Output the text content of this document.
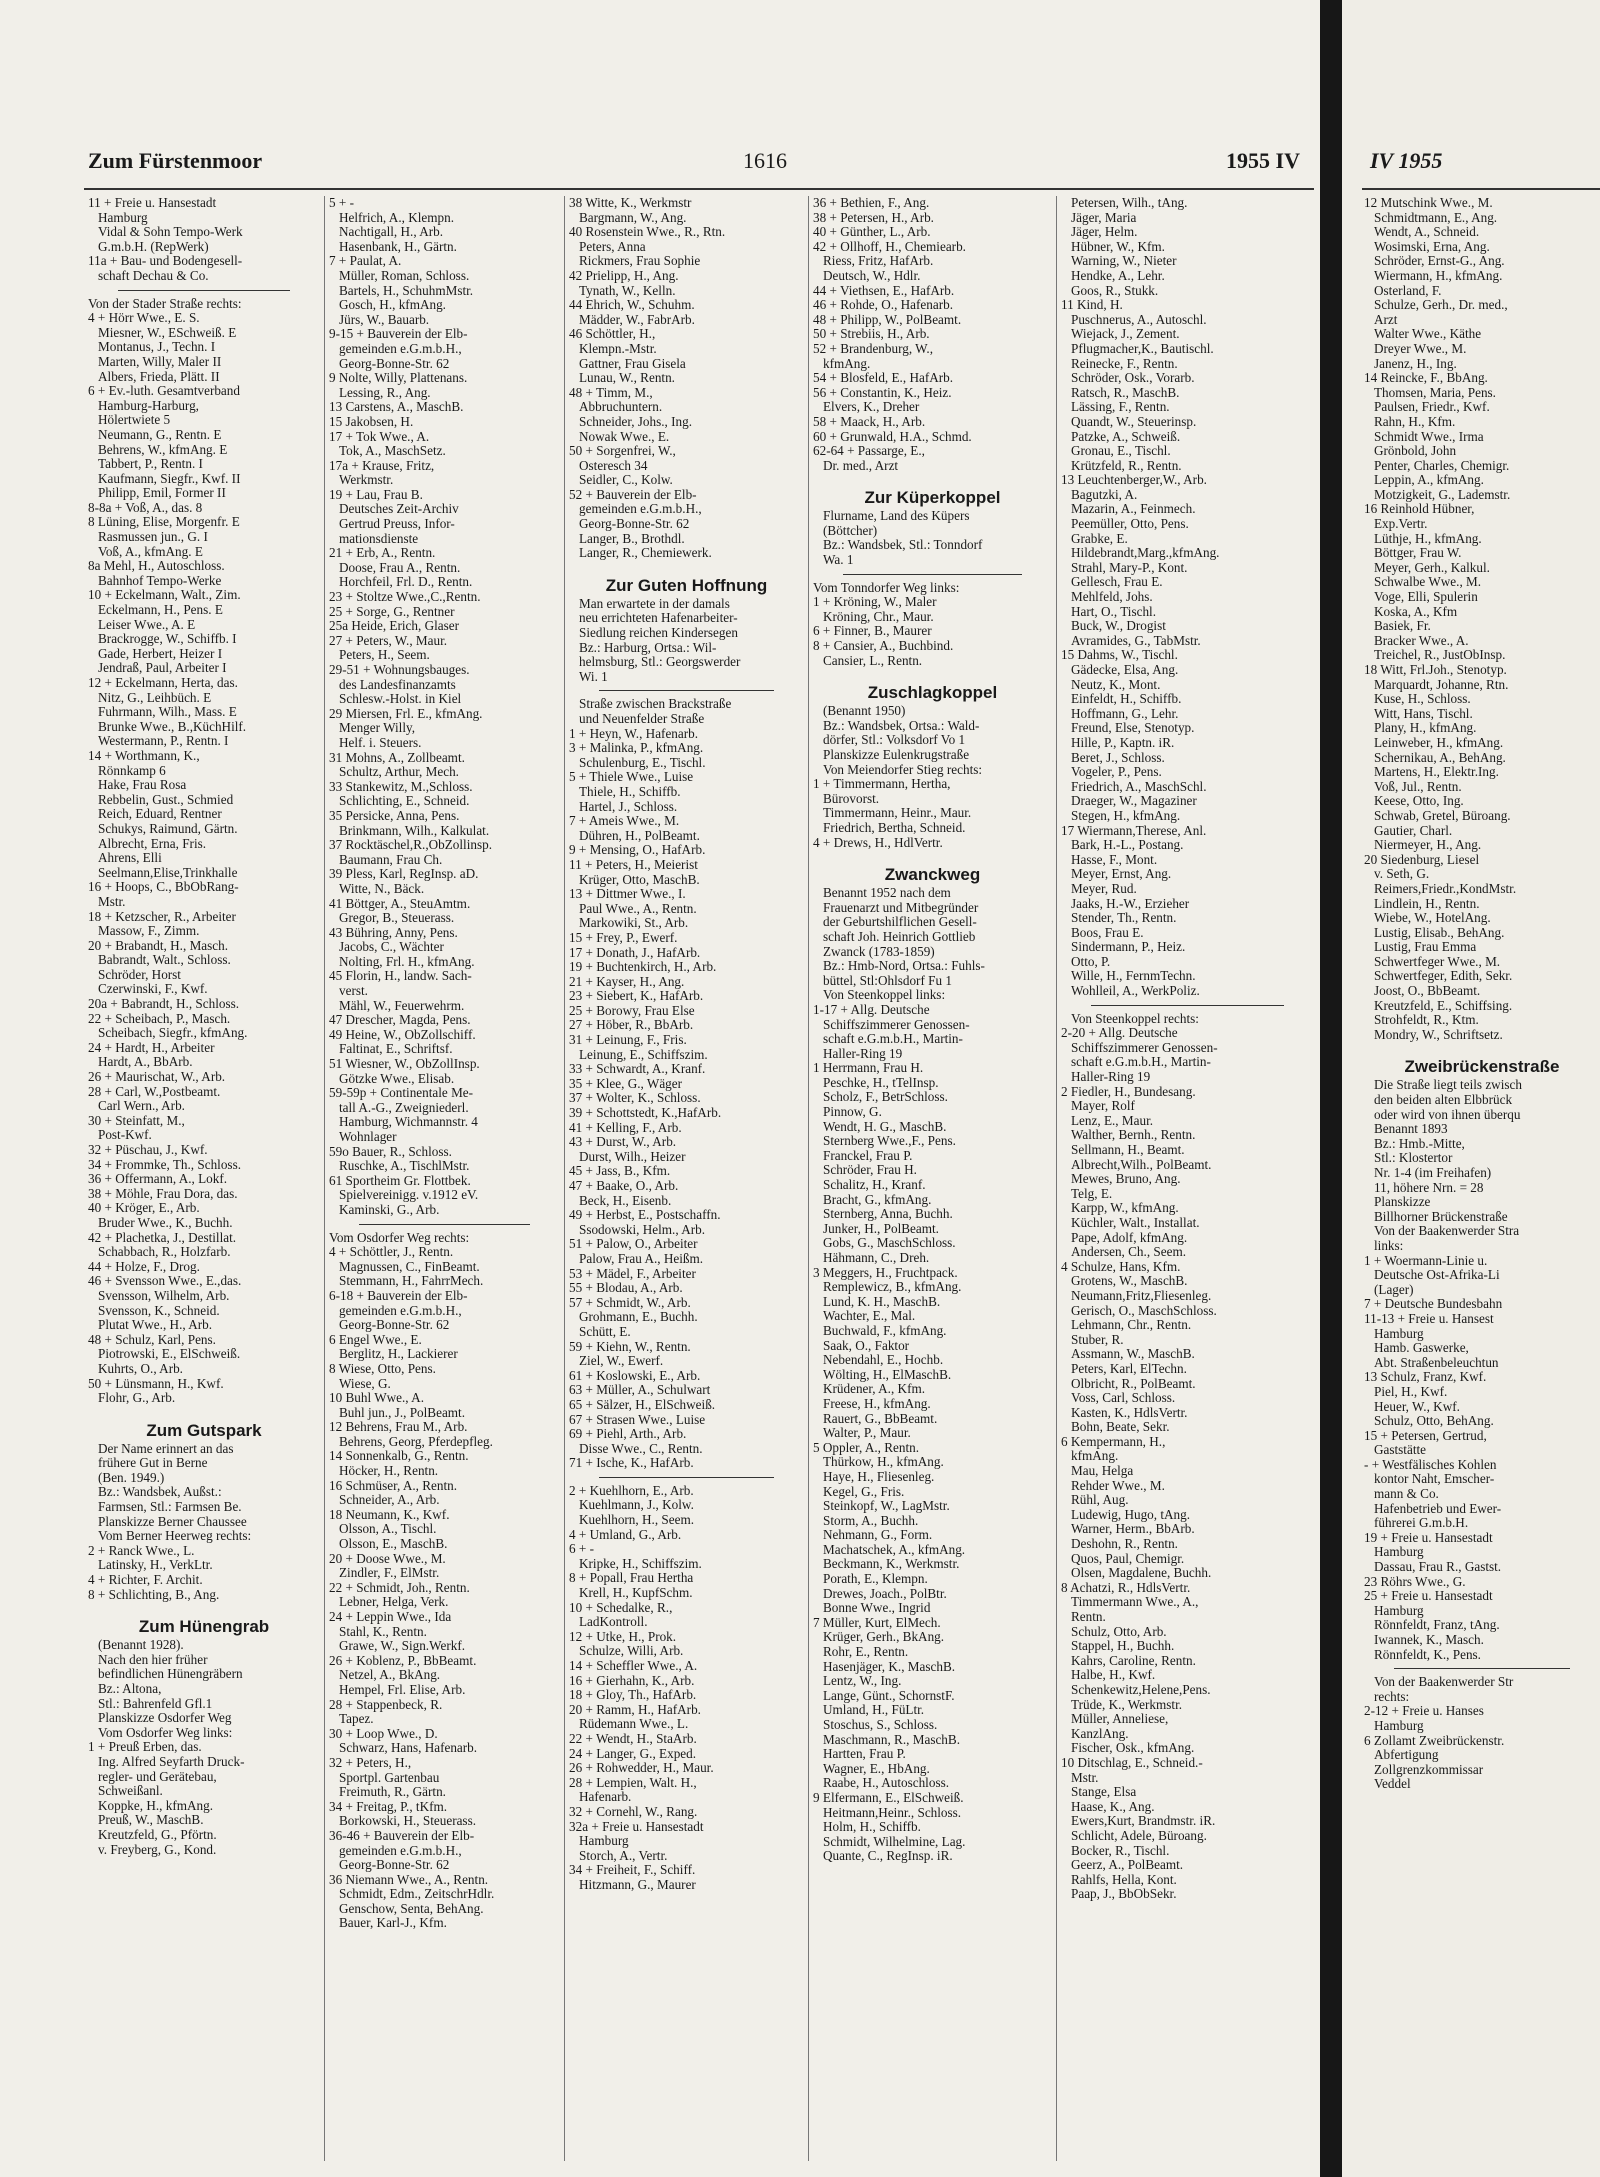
Zum Fürstenmoor	1616	1955 IV
11 + Freie u. Hansestadt
Hamburg
Vidal & Sohn Tempo-Werk
G.m.b.H. (RepWerk)
11a + Bau- und Bodengesell-
schaft Dechau & Co.
Von der Stader Straße rechts:
4 + Hörr Wwe., E. S.
Miesner, W., ESchweiß. E
Montanus, J., Techn. I
Marten, Willy, Maler II
Albers, Frieda, Plätt. II
6 + Ev.-luth. Gesamtverband
Hamburg-Harburg,
Hölertwiete 5
Neumann, G., Rentn. E
Behrens, W., kfmAng. E
Tabbert, P., Rentn. I
Kaufmann, Siegfr., Kwf. II
Philipp, Emil, Former II
8-8a + Voß, A., das. 8
8 Lüning, Elise, Morgenfr. E
Rasmussen jun., G. I
Voß, A., kfmAng. E
8a Mehl, H., Autoschloss.
Bahnhof Tempo-Werke
10 + Eckelmann, Walt., Zim.
Eckelmann, H., Pens. E
Leiser Wwe., A. E
Brackrogge, W., Schiffb. I
Gade, Herbert, Heizer I
Jendraß, Paul, Arbeiter I
12 + Eckelmann, Herta, das.
Nitz, G., Leihbüch. E
Fuhrmann, Wilh., Mass. E
Brunke Wwe., B.,KüchHilf.
Westermann, P., Rentn. I
14 + Worthmann, K.,
Rönnkamp 6
Hake, Frau Rosa
Rebbelin, Gust., Schmied
Reich, Eduard, Rentner
Schukys, Raimund, Gärtn.
Albrecht, Erna, Fris.
Ahrens, Elli
Seelmann,Elise,Trinkhalle
16 + Hoops, C., BbObRang-
Mstr.
18 + Ketzscher, R., Arbeiter
Massow, F., Zimm.
20 + Brabandt, H., Masch.
Babrandt, Walt., Schloss.
Schröder, Horst
Czerwinski, F., Kwf.
20a + Babrandt, H., Schloss.
22 + Scheibach, P., Masch.
Scheibach, Siegfr., kfmAng.
24 + Hardt, H., Arbeiter
Hardt, A., BbArb.
26 + Maurischat, W., Arb.
28 + Carl, W.,Postbeamt.
Carl Wern., Arb.
30 + Steinfatt, M.,
Post-Kwf.
32 + Püschau, J., Kwf.
34 + Frommke, Th., Schloss.
36 + Offermann, A., Lokf.
38 + Möhle, Frau Dora, das.
40 + Kröger, E., Arb.
Bruder Wwe., K., Buchh.
42 + Plachetka, J., Destillat.
Schabbach, R., Holzfarb.
44 + Holze, F., Drog.
46 + Svensson Wwe., E.,das.
Svensson, Wilhelm, Arb.
Svensson, K., Schneid.
Plutat Wwe., H., Arb.
48 + Schulz, Karl, Pens.
Piotrowski, E., ElSchweiß.
Kuhrts, O., Arb.
50 + Lünsmann, H., Kwf.
Flohr, G., Arb.
Zum Gutspark
Der Name erinnert an das
frühere Gut in Berne
(Ben. 1949.)
Bz.: Wandsbek, Außst.:
Farmsen, Stl.: Farmsen Be.
Planskizze Berner Chaussee
Vom Berner Heerweg rechts:
2 + Ranck Wwe., L.
Latinsky, H., VerkLtr.
4 + Richter, F. Archit.
8 + Schlichting, B., Ang.
Zum Hünengrab
(Benannt 1928).
Nach den hier früher
befindlichen Hünengräbern
Bz.: Altona,
Stl.: Bahrenfeld Gfl.1
Planskizze Osdorfer Weg
Vom Osdorfer Weg links:
1 + Preuß Erben, das.
Ing. Alfred Seyfarth Druck-
regler- und Gerätebau,
Schweißanl.
Koppke, H., kfmAng.
Preuß, W., MaschB.
Kreutzfeld, G., Pförtn.
v. Freyberg, G., Kond.
5 + -
Helfrich, A., Klempn.
Nachtigall, H., Arb.
Hasenbank, H., Gärtn.
7 + Paulat, A.
Müller, Roman, Schloss.
Bartels, H., SchuhmMstr.
Gosch, H., kfmAng.
Jürs, W., Bauarb.
9-15 + Bauverein der Elb-
gemeinden e.G.m.b.H.,
Georg-Bonne-Str. 62
9 Nolte, Willy, Plattenans.
Lessing, R., Ang.
13 Carstens, A., MaschB.
15 Jakobsen, H.
17 + Tok Wwe., A.
Tok, A., MaschSetz.
17a + Krause, Fritz,
Werkmstr.
19 + Lau, Frau B.
Deutsches Zeit-Archiv
Gertrud Preuss, Infor-
mationsdienste
21 + Erb, A., Rentn.
Doose, Frau A., Rentn.
Horchfeil, Frl. D., Rentn.
23 + Stoltze Wwe.,C.,Rentn.
25 + Sorge, G., Rentner
25a Heide, Erich, Glaser
27 + Peters, W., Maur.
Peters, H., Seem.
29-51 + Wohnungsbauges.
des Landesfinanzamts
Schlesw.-Holst. in Kiel
29 Miersen, Frl. E., kfmAng.
Menger Willy,
Helf. i. Steuers.
31 Mohns, A., Zollbeamt.
Schultz, Arthur, Mech.
33 Stankewitz, M.,Schloss.
Schlichting, E., Schneid.
35 Persicke, Anna, Pens.
Brinkmann, Wilh., Kalkulat.
37 Rocktäschel,R.,ObZollinsp.
Baumann, Frau Ch.
39 Pless, Karl, RegInsp. aD.
Witte, N., Bäck.
41 Böttger, A., SteuAmtm.
Gregor, B., Steuerass.
43 Bühring, Anny, Pens.
Jacobs, C., Wächter
Nolting, Frl. H., kfmAng.
45 Florin, H., landw. Sach-
verst.
Mähl, W., Feuerwehrm.
47 Drescher, Magda, Pens.
49 Heine, W., ObZollschiff.
Faltinat, E., Schriftsf.
51 Wiesner, W., ObZollInsp.
Götzke Wwe., Elisab.
59-59p + Continentale Me-
tall A.-G., Zweigniederl.
Hamburg, Wichmannstr. 4
Wohnlager
59o Bauer, R., Schloss.
Ruschke, A., TischlMstr.
61 Sportheim Gr. Flottbek.
Spielvereinigg. v.1912 eV.
Kaminski, G., Arb.
Vom Osdorfer Weg rechts:
4 + Schöttler, J., Rentn.
Magnussen, C., FinBeamt.
Stemmann, H., FahrrMech.
6-18 + Bauverein der Elb-
gemeinden e.G.m.b.H.,
Georg-Bonne-Str. 62
6 Engel Wwe., E.
Berglitz, H., Lackierer
8 Wiese, Otto, Pens.
Wiese, G.
10 Buhl Wwe., A.
Buhl jun., J., PolBeamt.
12 Behrens, Frau M., Arb.
Behrens, Georg, Pferdepfleg.
14 Sonnenkalb, G., Rentn.
Höcker, H., Rentn.
16 Schmüser, A., Rentn.
Schneider, A., Arb.
18 Neumann, K., Kwf.
Olsson, A., Tischl.
Olsson, E., MaschB.
20 + Doose Wwe., M.
Zindler, F., ElMstr.
22 + Schmidt, Joh., Rentn.
Lebner, Helga, Verk.
24 + Leppin Wwe., Ida
Stahl, K., Rentn.
Grawe, W., Sign.Werkf.
26 + Koblenz, P., BbBeamt.
Netzel, A., BkAng.
Hempel, Frl. Elise, Arb.
28 + Stappenbeck, R.
Tapez.
30 + Loop Wwe., D.
Schwarz, Hans, Hafenarb.
32 + Peters, H.,
Sportpl. Gartenbau
Freimuth, R., Gärtn.
34 + Freitag, P., tKfm.
Borkowski, H., Steuerass.
36-46 + Bauverein der Elb-
gemeinden e.G.m.b.H.,
Georg-Bonne-Str. 62
36 Niemann Wwe., A., Rentn.
Schmidt, Edm., ZeitschrHdlr.
Genschow, Senta, BehAng.
Bauer, Karl-J., Kfm.
38 Witte, K., Werkmstr
Bargmann, W., Ang.
40 Rosenstein Wwe., R., Rtn.
Peters, Anna
Rickmers, Frau Sophie
42 Prielipp, H., Ang.
Tynath, W., Kelln.
44 Ehrich, W., Schuhm.
Mädder, W., FabrArb.
46 Schöttler, H.,
Klempn.-Mstr.
Gattner, Frau Gisela
Lunau, W., Rentn.
48 + Timm, M.,
Abbruchuntern.
Schneider, Johs., Ing.
Nowak Wwe., E.
50 + Sorgenfrei, W.,
Osteresch 34
Seidler, C., Kolw.
52 + Bauverein der Elb-
gemeinden e.G.m.b.H.,
Georg-Bonne-Str. 62
Langer, B., Brothdl.
Langer, R., Chemiewerk.
Zur Guten Hoffnung
Man erwartete in der damals
neu errichteten Hafenarbeiter-
Siedlung reichen Kindersegen
Bz.: Harburg, Ortsa.: Wil-
helmsburg, Stl.: Georgswerder
Wi. 1
Straße zwischen Brackstraße
und Neuenfelder Straße
1 + Heyn, W., Hafenarb.
3 + Malinka, P., kfmAng.
Schulenburg, E., Tischl.
5 + Thiele Wwe., Luise
Thiele, H., Schiffb.
Hartel, J., Schloss.
7 + Ameis Wwe., M.
Dühren, H., PolBeamt.
9 + Mensing, O., HafArb.
11 + Peters, H., Meierist
Krüger, Otto, MaschB.
13 + Dittmer Wwe., I.
Paul Wwe., A., Rentn.
Markowiki, St., Arb.
15 + Frey, P., Ewerf.
17 + Donath, J., HafArb.
19 + Buchtenkirch, H., Arb.
21 + Kayser, H., Ang.
23 + Siebert, K., HafArb.
25 + Borowy, Frau Else
27 + Höber, R., BbArb.
31 + Leinung, F., Fris.
Leinung, E., Schiffszim.
33 + Schwardt, A., Kranf.
35 + Klee, G., Wäger
37 + Wolter, K., Schloss.
39 + Schottstedt, K.,HafArb.
41 + Kelling, F., Arb.
43 + Durst, W., Arb.
Durst, Wilh., Heizer
45 + Jass, B., Kfm.
47 + Baake, O., Arb.
Beck, H., Eisenb.
49 + Herbst, E., Postschaffn.
Ssodowski, Helm., Arb.
51 + Palow, O., Arbeiter
Palow, Frau A., Heißm.
53 + Mädel, F., Arbeiter
55 + Blodau, A., Arb.
57 + Schmidt, W., Arb.
Grohmann, E., Buchh.
Schütt, E.
59 + Kiehn, W., Rentn.
Ziel, W., Ewerf.
61 + Koslowski, E., Arb.
63 + Müller, A., Schulwart
65 + Sälzer, H., ElSchweiß.
67 + Strasen Wwe., Luise
69 + Piehl, Arth., Arb.
Disse Wwe., C., Rentn.
71 + Ische, K., HafArb.
2 + Kuehlhorn, E., Arb.
Kuehlmann, J., Kolw.
Kuehlhorn, H., Seem.
4 + Umland, G., Arb.
6 + -
Kripke, H., Schiffszim.
8 + Popall, Frau Hertha
Krell, H., KupfSchm.
10 + Schedalke, R.,
LadKontroll.
12 + Utke, H., Prok.
Schulze, Willi, Arb.
14 + Scheffler Wwe., A.
16 + Gierhahn, K., Arb.
18 + Gloy, Th., HafArb.
20 + Ramm, H., HafArb.
Rüdemann Wwe., L.
22 + Wendt, H., StaArb.
24 + Langer, G., Exped.
26 + Rohwedder, H., Maur.
28 + Lempien, Walt. H.,
Hafenarb.
32 + Cornehl, W., Rang.
32a + Freie u. Hansestadt
Hamburg
Storch, A., Vertr.
34 + Freiheit, F., Schiff.
Hitzmann, G., Maurer
36 + Bethien, F., Ang.
38 + Petersen, H., Arb.
40 + Günther, L., Arb.
42 + Ollhoff, H., Chemiearb.
Riess, Fritz, HafArb.
Deutsch, W., Hdlr.
44 + Viethsen, E., HafArb.
46 + Rohde, O., Hafenarb.
48 + Philipp, W., PolBeamt.
50 + Strebiis, H., Arb.
52 + Brandenburg, W.,
kfmAng.
54 + Blosfeld, E., HafArb.
56 + Constantin, K., Heiz.
Elvers, K., Dreher
58 + Maack, H., Arb.
60 + Grunwald, H.A., Schmd.
62-64 + Passarge, E.,
Dr. med., Arzt
Zur Küperkoppel
Flurname, Land des Küpers
(Böttcher)
Bz.: Wandsbek, Stl.: Tonndorf
Wa. 1
Vom Tonndorfer Weg links:
1 + Kröning, W., Maler
Kröning, Chr., Maur.
6 + Finner, B., Maurer
8 + Cansier, A., Buchbind.
Cansier, L., Rentn.
Zuschlagkoppel
(Benannt 1950)
Bz.: Wandsbek, Ortsa.: Wald-
dörfer, Stl.: Volksdorf Vo 1
Planskizze Eulenkrugstraße
Von Meiendorfer Stieg rechts:
1 + Timmermann, Hertha,
Bürovorst.
Timmermann, Heinr., Maur.
Friedrich, Bertha, Schneid.
4 + Drews, H., HdlVertr.
Zwanckweg
Benannt 1952 nach dem
Frauenarzt und Mitbegründer
der Geburtshilflichen Gesell-
schaft Joh. Heinrich Gottlieb
Zwanck (1783-1859)
Bz.: Hmb-Nord, Ortsa.: Fuhls-
büttel, Stl:Ohlsdorf Fu 1
Von Steenkoppel links:
1-17 + Allg. Deutsche
Schiffszimmerer Genossen-
schaft e.G.m.b.H., Martin-
Haller-Ring 19
1 Herrmann, Frau H.
Peschke, H., tTelInsp.
Scholz, F., BetrSchloss.
Pinnow, G.
Wendt, H. G., MaschB.
Sternberg Wwe.,F., Pens.
Franckel, Frau P.
Schröder, Frau H.
Schalitz, H., Kranf.
Bracht, G., kfmAng.
Sternberg, Anna, Buchh.
Junker, H., PolBeamt.
Gobs, G., MaschSchloss.
Hähmann, C., Dreh.
3 Meggers, H., Fruchtpack.
Remplewicz, B., kfmAng.
Lund, K. H., MaschB.
Wachter, E., Mal.
Buchwald, F., kfmAng.
Saak, O., Faktor
Nebendahl, E., Hochb.
Wölting, H., ElMaschB.
Krüdener, A., Kfm.
Freese, H., kfmAng.
Rauert, G., BbBeamt.
Walter, P., Maur.
5 Oppler, A., Rentn.
Thürkow, H., kfmAng.
Haye, H., Fliesenleg.
Kegel, G., Fris.
Steinkopf, W., LagMstr.
Storm, A., Buchh.
Nehmann, G., Form.
Machatschek, A., kfmAng.
Beckmann, K., Werkmstr.
Porath, E., Klempn.
Drewes, Joach., PolBtr.
Bonne Wwe., Ingrid
7 Müller, Kurt, ElMech.
Krüger, Gerh., BkAng.
Rohr, E., Rentn.
Hasenjäger, K., MaschB.
Lentz, W., Ing.
Lange, Günt., SchornstF.
Umland, H., FüLtr.
Stoschus, S., Schloss.
Maschmann, R., MaschB.
Hartten, Frau P.
Wagner, E., HbAng.
Raabe, H., Autoschloss.
9 Elfermann, E., ElSchweiß.
Heitmann,Heinr., Schloss.
Holm, H., Schiffb.
Schmidt, Wilhelmine, Lag.
Quante, C., RegInsp. iR.
Petersen, Wilh., tAng.
Jäger, Maria
Jäger, Helm.
Hübner, W., Kfm.
Warning, W., Nieter
Hendke, A., Lehr.
Goos, R., Stukk.
11 Kind, H.
Puschnerus, A., Autoschl.
Wiejack, J., Zement.
Pflugmacher,K., Bautischl.
Reinecke, F., Rentn.
Schröder, Osk., Vorarb.
Ratsch, R., MaschB.
Lässing, F., Rentn.
Quandt, W., Steuerinsp.
Patzke, A., Schweiß.
Gronau, E., Tischl.
Krützfeld, R., Rentn.
13 Leuchtenberger,W., Arb.
Bagutzki, A.
Mazarin, A., Feinmech.
Peemüller, Otto, Pens.
Grabke, E.
Hildebrandt,Marg.,kfmAng.
Strahl, Mary-P., Kont.
Gellesch, Frau E.
Mehlfeld, Johs.
Hart, O., Tischl.
Buck, W., Drogist
Avramides, G., TabMstr.
15 Dahms, W., Tischl.
Gädecke, Elsa, Ang.
Neutz, K., Mont.
Einfeldt, H., Schiffb.
Hoffmann, G., Lehr.
Freund, Else, Stenotyp.
Hille, P., Kaptn. iR.
Beret, J., Schloss.
Vogeler, P., Pens.
Friedrich, A., MaschSchl.
Draeger, W., Magaziner
Stegen, H., kfmAng.
17 Wiermann,Therese, Anl.
Bark, H.-L., Postang.
Hasse, F., Mont.
Meyer, Ernst, Ang.
Meyer, Rud.
Jaaks, H.-W., Erzieher
Stender, Th., Rentn.
Boos, Frau E.
Sindermann, P., Heiz.
Otto, P.
Wille, H., FernmTechn.
Wohlleil, A., WerkPoliz.
Von Steenkoppel rechts:
2-20 + Allg. Deutsche
Schiffszimmerer Genossen-
schaft e.G.m.b.H., Martin-
Haller-Ring 19
2 Fiedler, H., Bundesang.
Mayer, Rolf
Lenz, E., Maur.
Walther, Bernh., Rentn.
Sellmann, H., Beamt.
Albrecht,Wilh., PolBeamt.
Mewes, Bruno, Ang.
Telg, E.
Karpp, W., kfmAng.
Küchler, Walt., Installat.
Pape, Adolf, kfmAng.
Andersen, Ch., Seem.
4 Schulze, Hans, Kfm.
Grotens, W., MaschB.
Neumann,Fritz,Fliesenleg.
Gerisch, O., MaschSchloss.
Lehmann, Chr., Rentn.
Stuber, R.
Assmann, W., MaschB.
Peters, Karl, ElTechn.
Olbricht, R., PolBeamt.
Voss, Carl, Schloss.
Kasten, K., HdlsVertr.
Bohn, Beate, Sekr.
6 Kempermann, H.,
kfmAng.
Mau, Helga
Rehder Wwe., M.
Rühl, Aug.
Ludewig, Hugo, tAng.
Warner, Herm., BbArb.
Deshohn, R., Rentn.
Quos, Paul, Chemigr.
Olsen, Magdalene, Buchh.
8 Achatzi, R., HdlsVertr.
Timmermann Wwe., A.,
Rentn.
Schulz, Otto, Arb.
Stappel, H., Buchh.
Kahrs, Caroline, Rentn.
Halbe, H., Kwf.
Schenkewitz,Helene,Pens.
Trüde, K., Werkmstr.
Müller, Anneliese,
KanzlAng.
Fischer, Osk., kfmAng.
10 Ditschlag, E., Schneid.-
Mstr.
Stange, Elsa
Haase, K., Ang.
Ewers,Kurt, Brandmstr. iR.
Schlicht, Adele, Büroang.
Bocker, R., Tischl.
Geerz, A., PolBeamt.
Rahlfs, Hella, Kont.
Paap, J., BbObSekr.
IV 1955
12 Mutschink Wwe., M.
Schmidtmann, E., Ang.
Wendt, A., Schneid.
Wosimski, Erna, Ang.
Schröder, Ernst-G., Ang.
Wiermann, H., kfmAng.
Osterland, F.
Schulze, Gerh., Dr. med.,
Arzt
Walter Wwe., Käthe
Dreyer Wwe., M.
Janenz, H., Ing.
14 Reincke, F., BbAng.
Thomsen, Maria, Pens.
Paulsen, Friedr., Kwf.
Rahn, H., Kfm.
Schmidt Wwe., Irma
Grönbold, John
Penter, Charles, Chemigr.
Leppin, A., kfmAng.
Motzigkeit, G., Lademstr.
16 Reinhold Hübner,
Exp.Vertr.
Lüthje, H., kfmAng.
Böttger, Frau W.
Meyer, Gerh., Kalkul.
Schwalbe Wwe., M.
Voge, Elli, Spulerin
Koska, A., Kfm
Basiek, Fr.
Bracker Wwe., A.
Treichel, R., JustObInsp.
18 Witt, Frl.Joh., Stenotyp.
Marquardt, Johanne, Rtn.
Kuse, H., Schloss.
Witt, Hans, Tischl.
Plany, H., kfmAng.
Leinweber, H., kfmAng.
Schernikau, A., BehAng.
Martens, H., Elektr.Ing.
Voß, Jul., Rentn.
Keese, Otto, Ing.
Schwab, Gretel, Büroang.
Gautier, Charl.
Niermeyer, H., Ang.
20 Siedenburg, Liesel
v. Seth, G.
Reimers,Friedr.,KondMstr.
Lindlein, H., Rentn.
Wiebe, W., HotelAng.
Lustig, Elisab., BehAng.
Lustig, Frau Emma
Schwertfeger Wwe., M.
Schwertfeger, Edith, Sekr.
Joost, O., BbBeamt.
Kreutzfeld, E., Schiffsing.
Strohfeldt, R., Ktm.
Mondry, W., Schriftsetz.
Zweibrückenstraße
Die Straße liegt teils zwisch
den beiden alten Elbbrück
oder wird von ihnen überqu
Benannt 1893
Bz.: Hmb.-Mitte,
Stl.: Klostertor
Nr. 1-4 (im Freihafen)
11, höhere Nrn. = 28
Planskizze
Billhorner Brückenstraße
Von der Baakenwerder Stra
links:
1 + Woermann-Linie u.
Deutsche Ost-Afrika-Li
(Lager)
7 + Deutsche Bundesbahn
11-13 + Freie u. Hansest
Hamburg
Hamb. Gaswerke,
Abt. Straßenbeleuchtun
13 Schulz, Franz, Kwf.
Piel, H., Kwf.
Heuer, W., Kwf.
Schulz, Otto, BehAng.
15 + Petersen, Gertrud,
Gaststätte
- + Westfälisches Kohlen
kontor Naht, Emscher-
mann & Co.
Hafenbetrieb und Ewer-
führerei G.m.b.H.
19 + Freie u. Hansestadt
Hamburg
Dassau, Frau R., Gastst.
23 Röhrs Wwe., G.
25 + Freie u. Hansestadt
Hamburg
Rönnfeldt, Franz, tAng.
Iwannek, K., Masch.
Rönnfeldt, K., Pens.
Von der Baakenwerder Str
rechts:
2-12 + Freie u. Hanses
Hamburg
6 Zollamt Zweibrückenstr.
Abfertigung
Zollgrenzkommissar
Veddel
